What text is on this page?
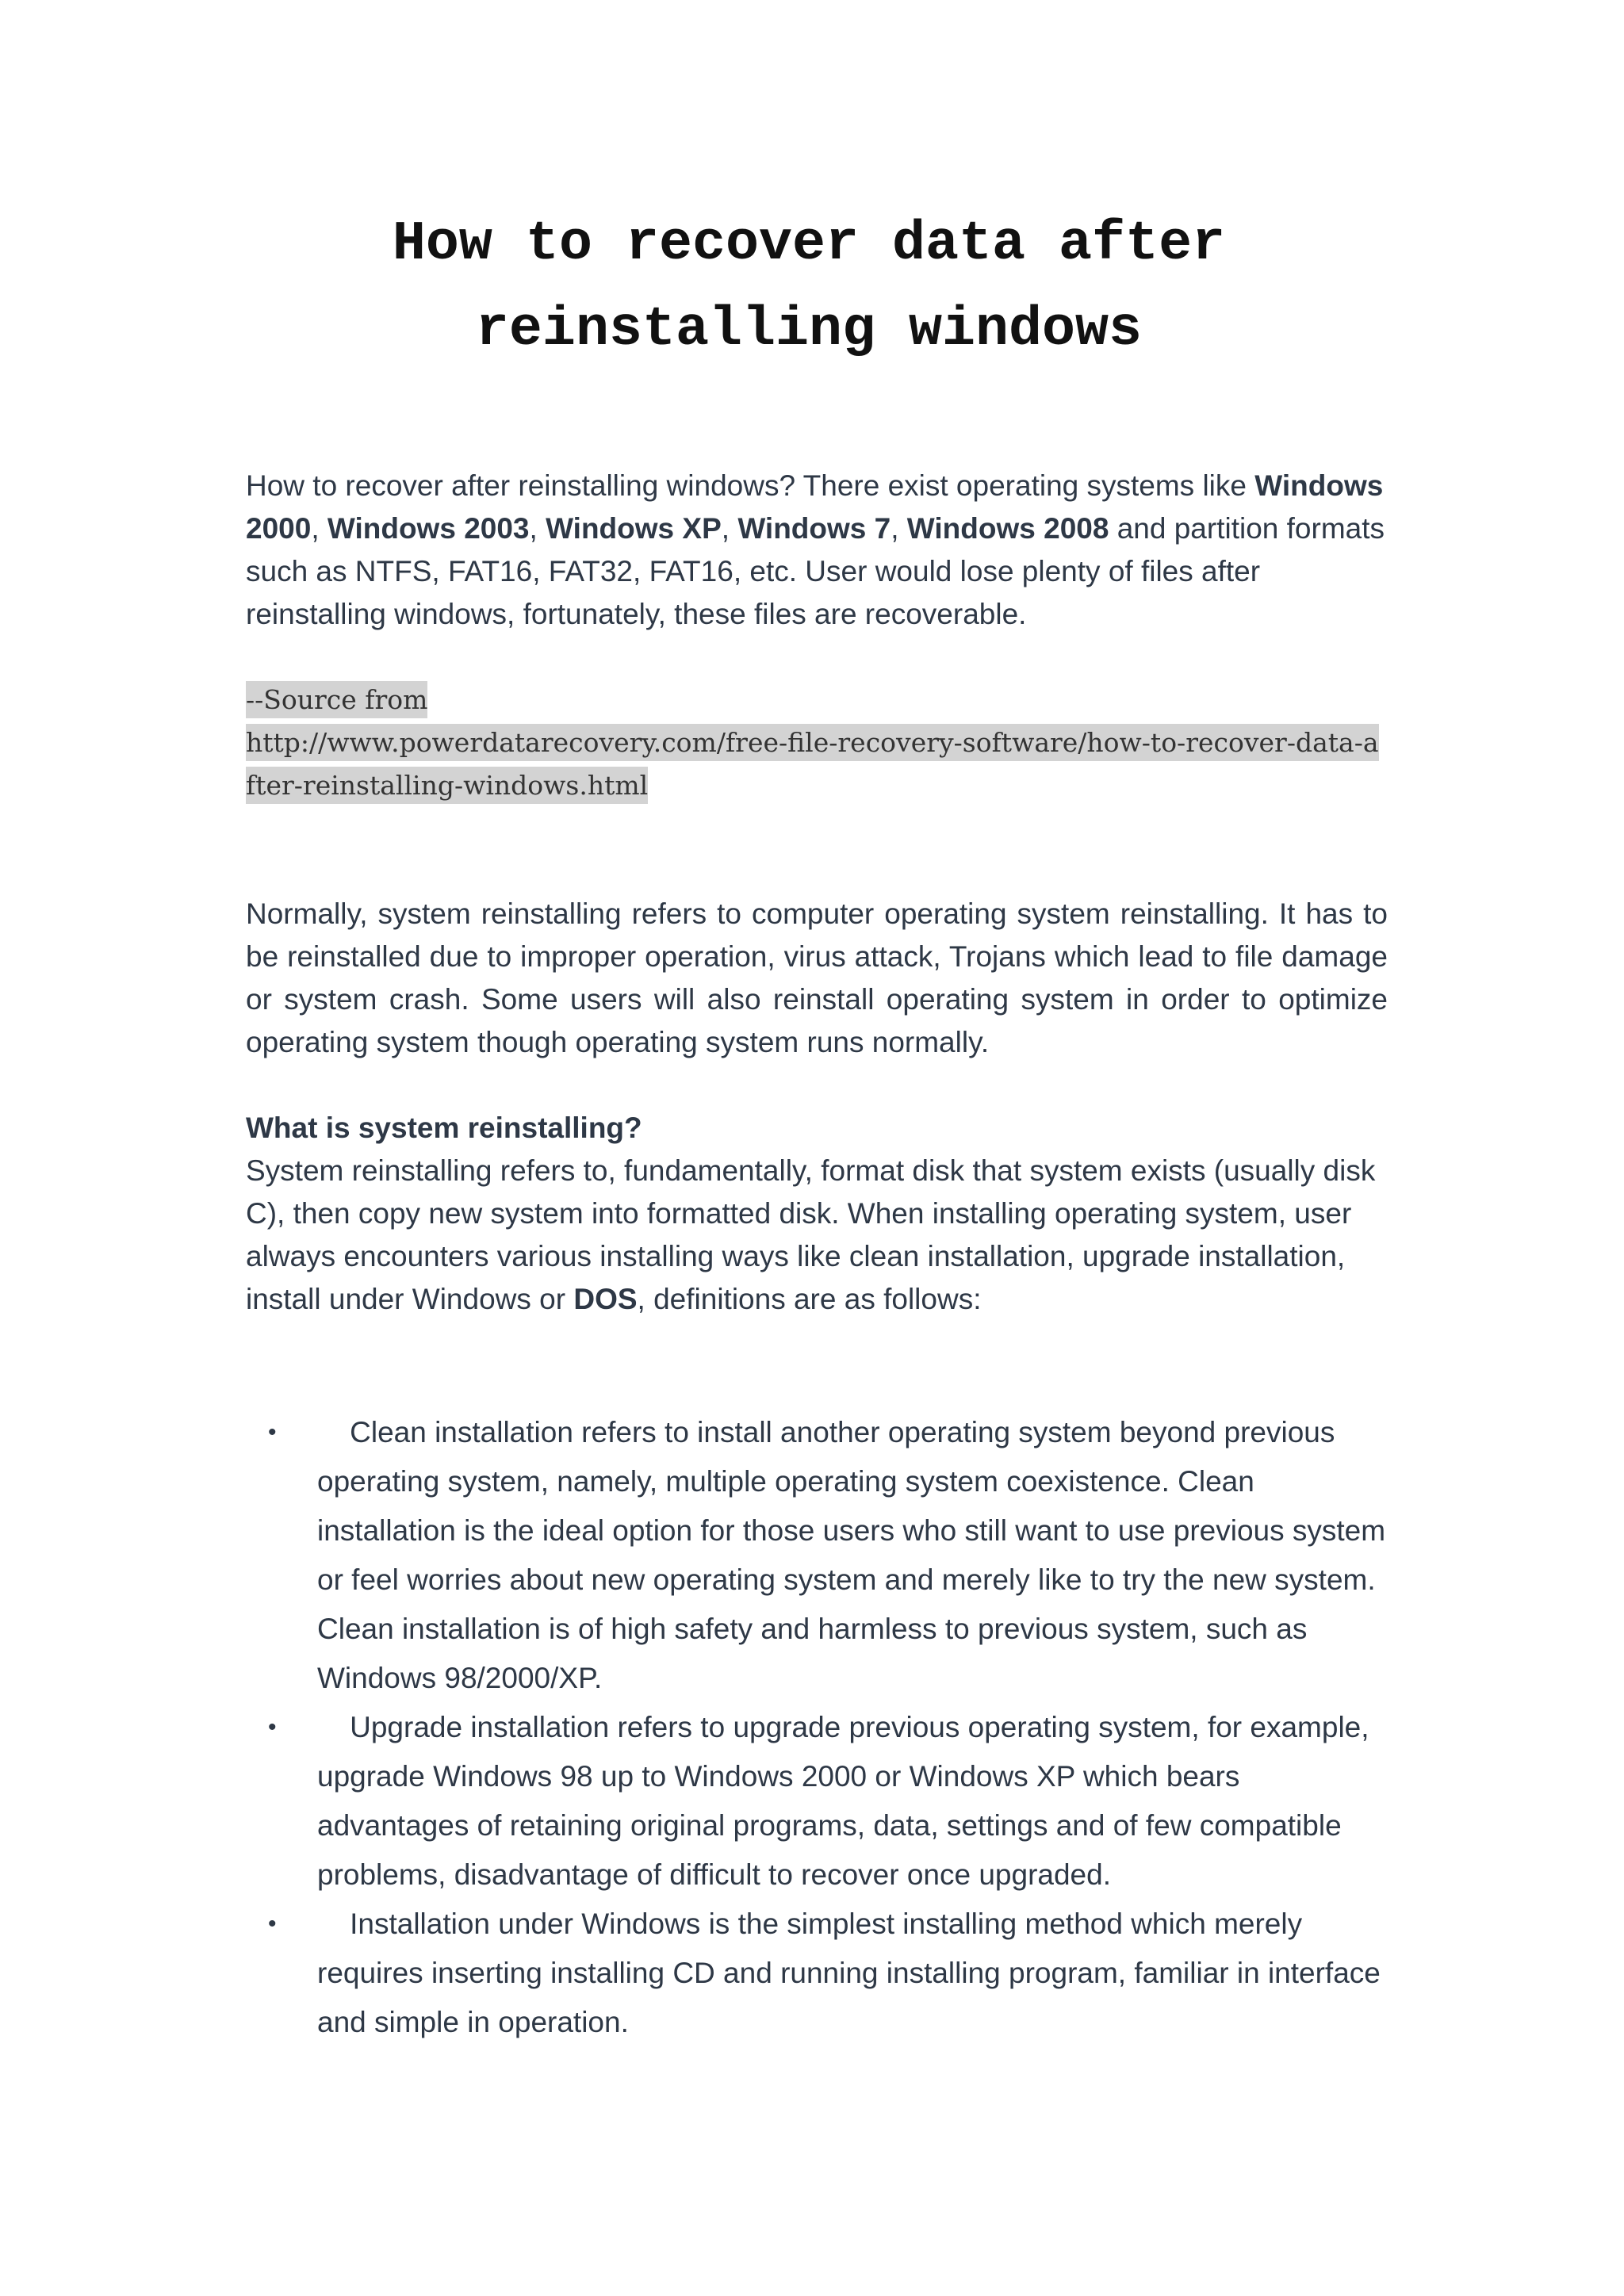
How to recover data after reinstalling windows

How to recover after reinstalling windows? There exist operating systems like Windows 2000, Windows 2003, Windows XP, Windows 7, Windows 2008 and partition formats such as NTFS, FAT16, FAT32, FAT16, etc. User would lose plenty of files after reinstalling windows, fortunately, these files are recoverable.

--Source from
http://www.powerdatarecovery.com/free-file-recovery-software/how-to-recover-data-after-reinstalling-windows.html

Normally, system reinstalling refers to computer operating system reinstalling. It has to be reinstalled due to improper operation, virus attack, Trojans which lead to file damage or system crash. Some users will also reinstall operating system in order to optimize operating system though operating system runs normally.

What is system reinstalling?

System reinstalling refers to, fundamentally, format disk that system exists (usually disk C), then copy new system into formatted disk. When installing operating system, user always encounters various installing ways like clean installation, upgrade installation, install under Windows or DOS, definitions are as follows:

•	Clean installation refers to install another operating system beyond previous operating system, namely, multiple operating system coexistence. Clean installation is the ideal option for those users who still want to use previous system or feel worries about new operating system and merely like to try the new system. Clean installation is of high safety and harmless to previous system, such as Windows 98/2000/XP.
•	Upgrade installation refers to upgrade previous operating system, for example, upgrade Windows 98 up to Windows 2000 or Windows XP which bears advantages of retaining original programs, data, settings and of few compatible problems, disadvantage of difficult to recover once upgraded.
•	Installation under Windows is the simplest installing method which merely requires inserting installing CD and running installing program, familiar in interface and simple in operation.
